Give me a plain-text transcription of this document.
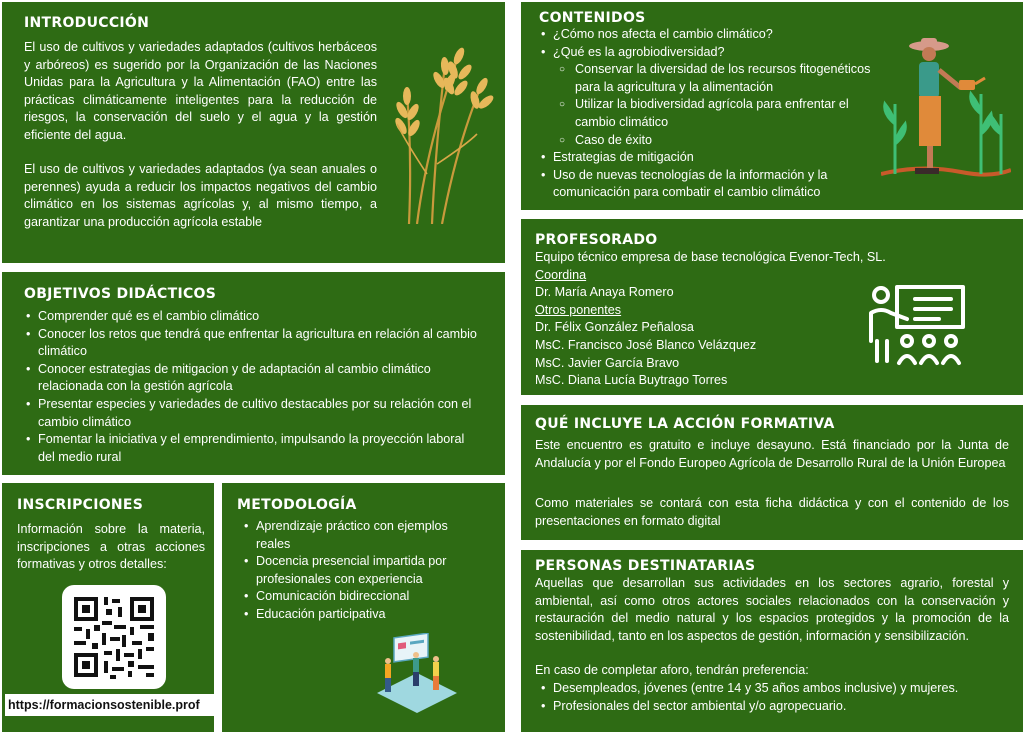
INTRODUCCIÓN

El uso de cultivos y variedades adaptados (cultivos herbáceos y arbóreos) es sugerido por la Organización de las Naciones Unidas para la Agricultura y la Alimentación (FAO) entre las prácticas climáticamente inteligentes para la reducción de riesgos, la conservación del suelo y el agua y la gestión eficiente del agua.

El uso de cultivos y variedades adaptados (ya sean anuales o perennes) ayuda a reducir los impactos negativos del cambio climático en los sistemas agrícolas y, al mismo tiempo, a garantizar una producción agrícola estable

OBJETIVOS DIDÁCTICOS
• Comprender qué es el cambio climático
• Conocer los retos que tendrá que enfrentar la agricultura en relación al cambio climático
• Conocer estrategias de mitigacion y de adaptación al cambio climático relacionada con la gestión agrícola
• Presentar especies y variedades de cultivo destacables por su relación con el cambio climático
• Fomentar la iniciativa y el emprendimiento, impulsando la proyección laboral del medio rural
INSCRIPCIONES

Información sobre la materia, inscripciones a otras acciones formativas y otros detalles:

https://formacionsostenible.prof
METODOLOGÍA
• Aprendizaje práctico con ejemplos reales
• Docencia presencial impartida por profesionales con experiencia
• Comunicación bidireccional
• Educación participativa
CONTENIDOS
• ¿Cómo nos afecta el cambio climático?
• ¿Qué es la agrobiodiversidad?
○ Conservar la diversidad de los recursos fitogenéticos para la agricultura y la alimentación
○ Utilizar la biodiversidad agrícola para enfrentar el cambio climático
○ Caso de éxito
• Estrategias de mitigación
• Uso de nuevas tecnologías de la información y la comunicación para combatir el cambio climático
PROFESORADO
Equipo técnico empresa de base tecnológica Evenor-Tech, SL.
Coordina
Dr. María Anaya Romero
Otros ponentes
Dr. Félix González Peñalosa
MsC. Francisco José Blanco Velázquez
MsC. Javier García Bravo
MsC. Diana Lucía Buytrago Torres
QUÉ INCLUYE LA ACCIÓN FORMATIVA

Este encuentro es gratuito e incluye desayuno. Está financiado por la Junta de Andalucía y por el Fondo Europeo Agrícola de Desarrollo Rural de la Unión Europea

Como materiales se contará con esta ficha didáctica y con el contenido de los presentaciones en formato digital

PERSONAS DESTINATARIAS

Aquellas que desarrollan sus actividades en los sectores agrario, forestal y ambiental, así como otros actores sociales relacionados con la conservación y restauración del medio natural y los espacios protegidos y la promoción de la sostenibilidad, tanto en los aspectos de gestión, información y sensibilización.

En caso de completar aforo, tendrán preferencia:

• Desempleados, jóvenes (entre 14 y 35 años ambos inclusive) y mujeres.
• Profesionales del sector ambiental y/o agropecuario.
